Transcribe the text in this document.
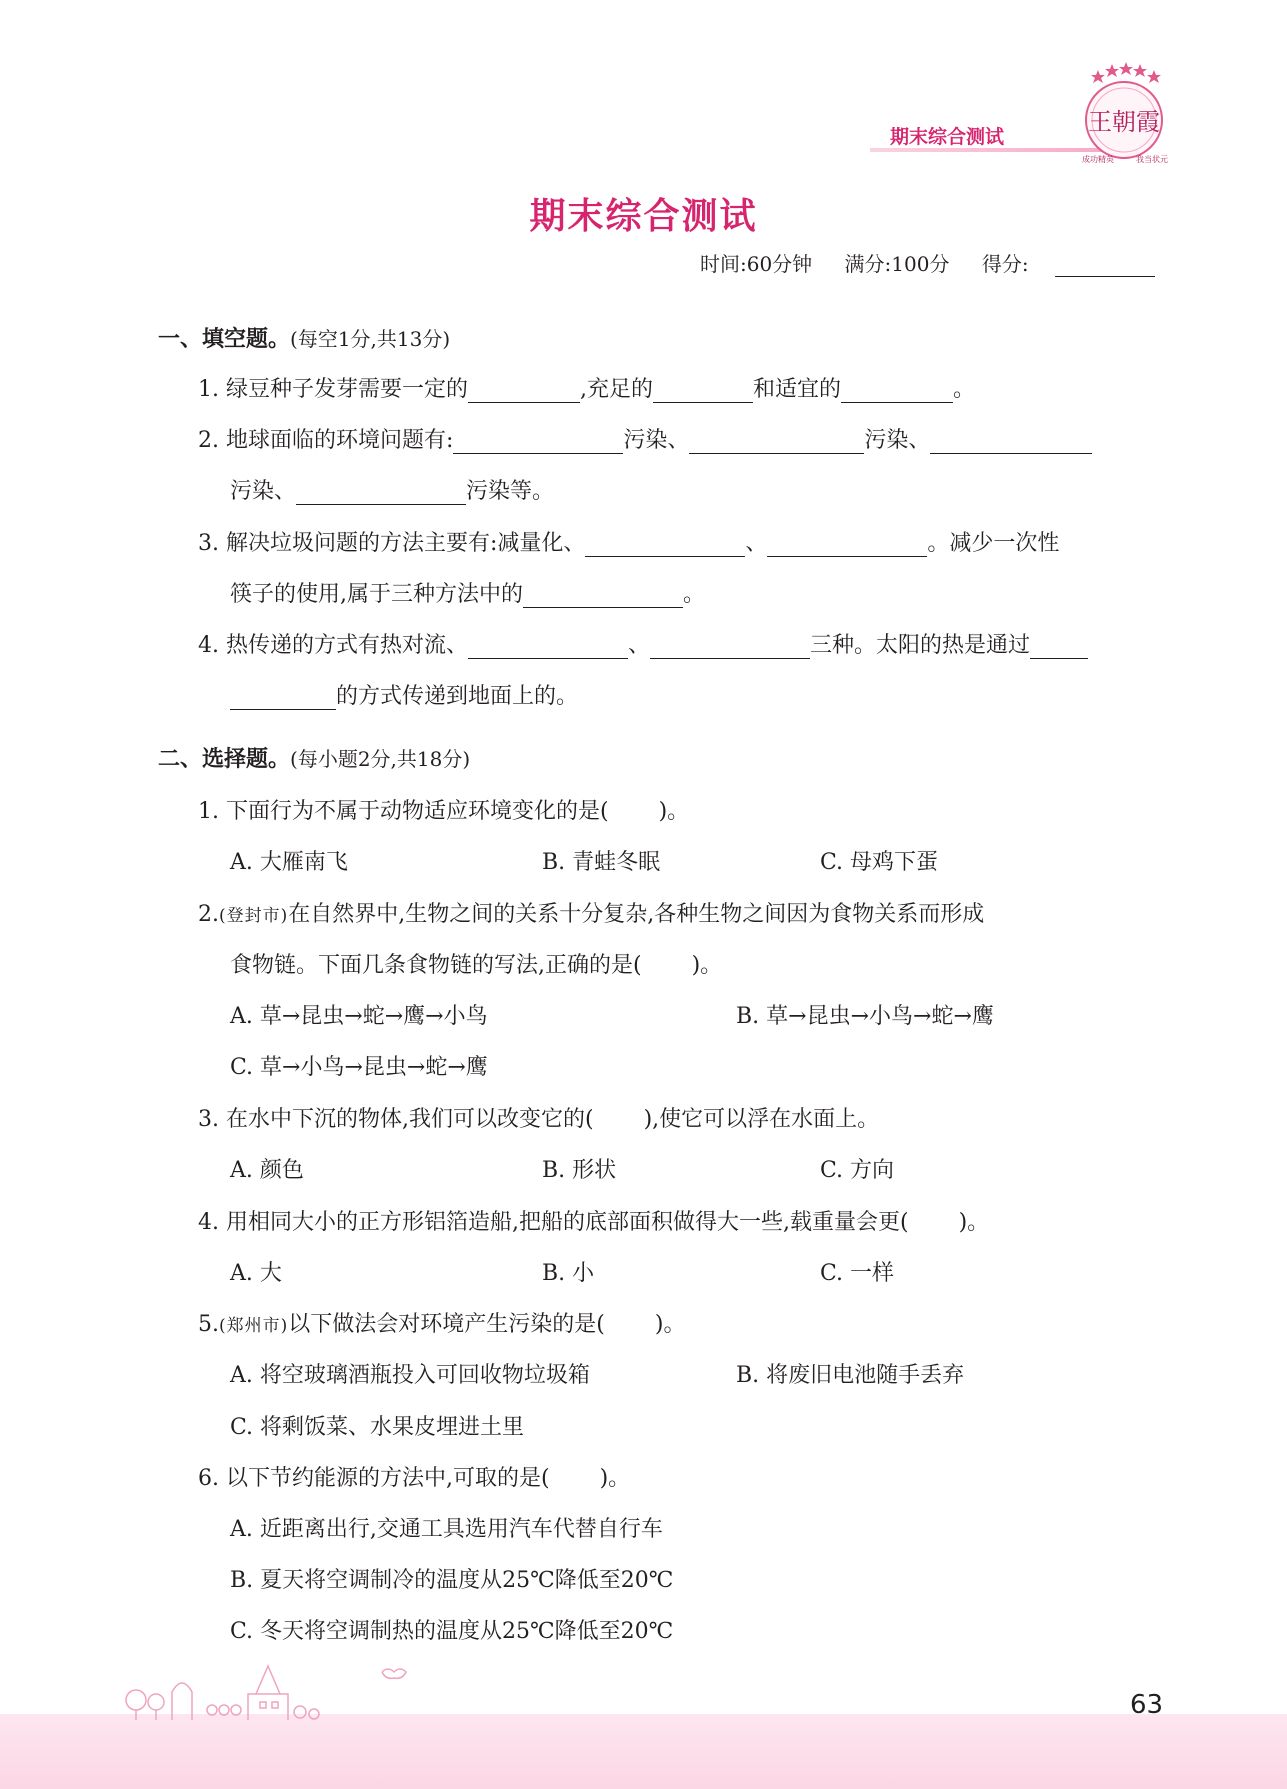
期末综合测试
王朝霞
成功精英	我当状元
期末综合测试
时间:60分钟 满分:100分 得分:
一、填空题。(每空1分,共13分)
1. 绿豆种子发芽需要一定的	,充足的	和适宜的	。
2. 地球面临的环境问题有:	污染、	污染、
污染、	污染等。
3. 解决垃圾问题的方法主要有:减量化、	、	。减少一次性
筷子的使用,属于三种方法中的	。
4. 热传递的方式有热对流、	、	三种。太阳的热是通过
的方式传递到地面上的。
二、选择题。(每小题2分,共18分)
1. 下面行为不属于动物适应环境变化的是( )。
A. 大雁南飞	B. 青蛙冬眠	C. 母鸡下蛋
2.(登封市)在自然界中,生物之间的关系十分复杂,各种生物之间因为食物关系而形成
食物链。下面几条食物链的写法,正确的是( )。
A. 草→昆虫→蛇→鹰→小鸟	B. 草→昆虫→小鸟→蛇→鹰
C. 草→小鸟→昆虫→蛇→鹰
3. 在水中下沉的物体,我们可以改变它的( ),使它可以浮在水面上。
A. 颜色	B. 形状	C. 方向
4. 用相同大小的正方形铝箔造船,把船的底部面积做得大一些,载重量会更( )。
A. 大	B. 小	C. 一样
5.(郑州市)以下做法会对环境产生污染的是( )。
A. 将空玻璃酒瓶投入可回收物垃圾箱	B. 将废旧电池随手丢弃
C. 将剩饭菜、水果皮埋进土里
6. 以下节约能源的方法中,可取的是( )。
A. 近距离出行,交通工具选用汽车代替自行车
B. 夏天将空调制冷的温度从25℃降低至20℃
C. 冬天将空调制热的温度从25℃降低至20℃
63
